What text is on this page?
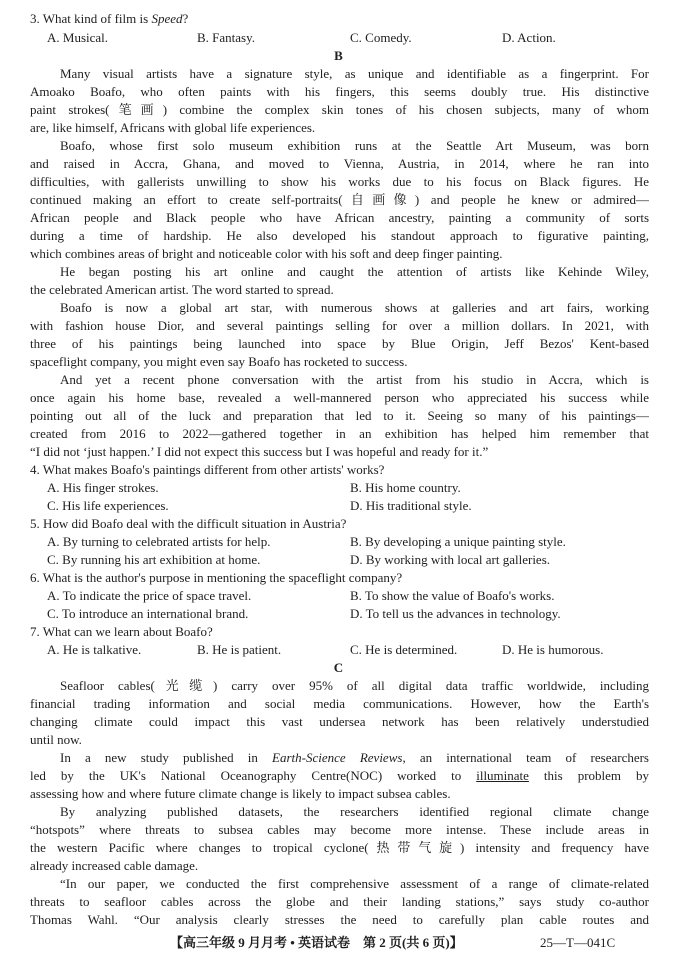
3. What kind of film is Speed?
A. Musical.	B. Fantasy.	C. Comedy.	D. Action.
B
Many visual artists have a signature style, as unique and identifiable as a fingerprint. For
Amoako Boafo, who often paints with his fingers, this seems doubly true. His distinctive
paint strokes(笔画) combine the complex skin tones of his chosen subjects, many of whom
are, like himself, Africans with global life experiences.
Boafo, whose first solo museum exhibition runs at the Seattle Art Museum, was born
and raised in Accra, Ghana, and moved to Vienna, Austria, in 2014, where he ran into
difficulties, with gallerists unwilling to show his works due to his focus on Black figures. He
continued making an effort to create self-portraits(自画像) and people he knew or admired—
African people and Black people who have African ancestry, painting a community of sorts
during a time of hardship. He also developed his standout approach to figurative painting,
which combines areas of bright and noticeable color with his soft and deep finger painting.
He began posting his art online and caught the attention of artists like Kehinde Wiley,
the celebrated American artist. The word started to spread.
Boafo is now a global art star, with numerous shows at galleries and art fairs, working
with fashion house Dior, and several paintings selling for over a million dollars. In 2021, with
three of his paintings being launched into space by Blue Origin, Jeff Bezos' Kent-based
spaceflight company, you might even say Boafo has rocketed to success.
And yet a recent phone conversation with the artist from his studio in Accra, which is
once again his home base, revealed a well-mannered person who appreciated his success while
pointing out all of the luck and preparation that led to it. Seeing so many of his paintings—
created from 2016 to 2022—gathered together in an exhibition has helped him remember that
“I did not ‘just happen.’ I did not expect this success but I was hopeful and ready for it.”
4. What makes Boafo's paintings different from other artists' works?
A. His finger strokes.	B. His home country.
C. His life experiences.	D. His traditional style.
5. How did Boafo deal with the difficult situation in Austria?
A. By turning to celebrated artists for help.	B. By developing a unique painting style.
C. By running his art exhibition at home.	D. By working with local art galleries.
6. What is the author's purpose in mentioning the spaceflight company?
A. To indicate the price of space travel.	B. To show the value of Boafo's works.
C. To introduce an international brand.	D. To tell us the advances in technology.
7. What can we learn about Boafo?
A. He is talkative.	B. He is patient.	C. He is determined.	D. He is humorous.
C
Seafloor cables(光缆) carry over 95% of all digital data traffic worldwide, including
financial trading information and social media communications. However, how the Earth's
changing climate could impact this vast undersea network has been relatively understudied
until now.
In a new study published in Earth-Science Reviews, an international team of researchers
led by the UK's National Oceanography Centre(NOC) worked to illuminate this problem by
assessing how and where future climate change is likely to impact subsea cables.
By analyzing published datasets, the researchers identified regional climate change
“hotspots” where threats to subsea cables may become more intense. These include areas in
the western Pacific where changes to tropical cyclone(热带气旋) intensity and frequency have
already increased cable damage.
“In our paper, we conducted the first comprehensive assessment of a range of climate-related
threats to seafloor cables across the globe and their landing stations,” says study co-author
Thomas Wahl. “Our analysis clearly stresses the need to carefully plan cable routes and
【高三年级 9 月月考 • 英语试卷　第 2 页(共 6 页)】	25—T—041C
